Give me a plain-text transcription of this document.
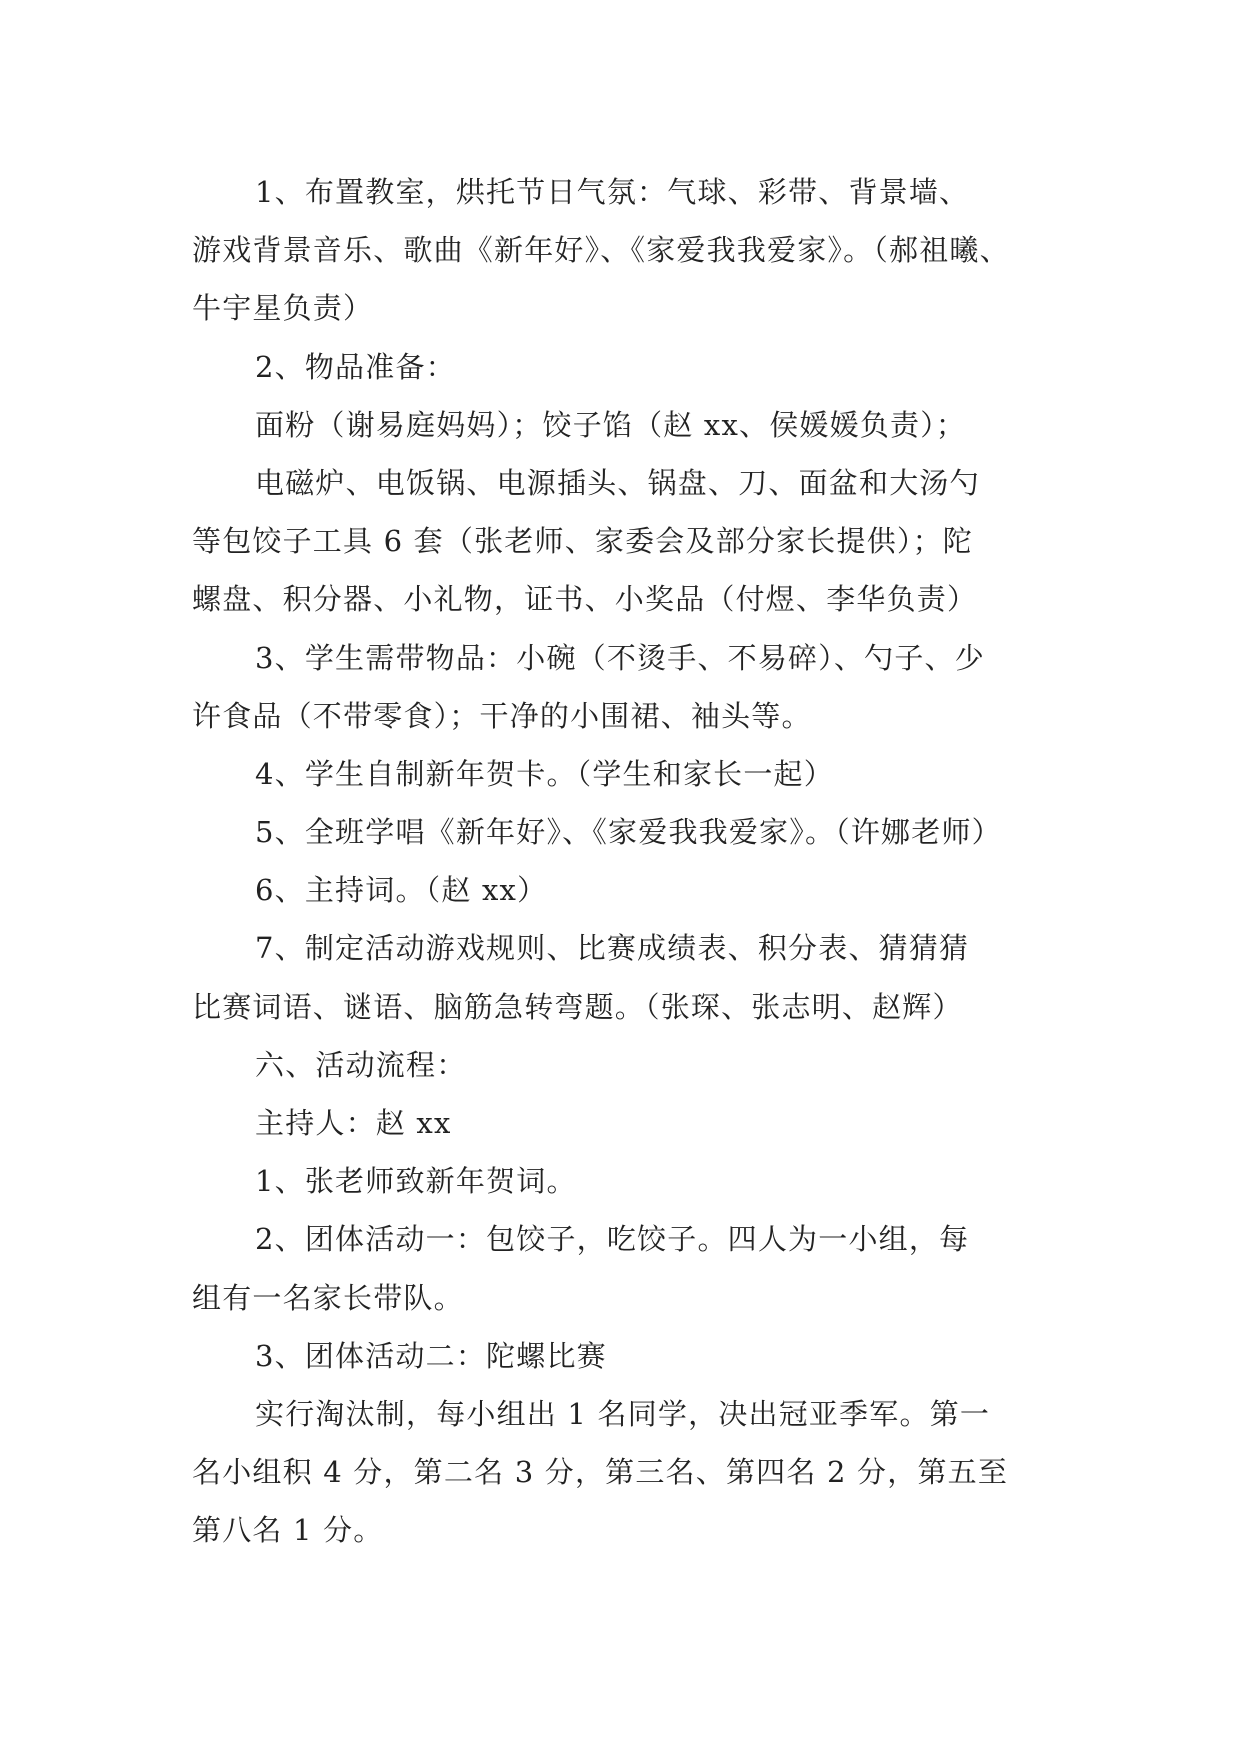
1、布置教室，烘托节日气氛：气球、彩带、背景墙、
游戏背景音乐、歌曲《新年好》、《家爱我我爱家》。（郝祖曦、
牛宇星负责）
2、物品准备：
面粉（谢易庭妈妈）；饺子馅（赵 xx、侯媛媛负责）；
电磁炉、电饭锅、电源插头、锅盘、刀、面盆和大汤勺
等包饺子工具 6 套（张老师、家委会及部分家长提供）；陀
螺盘、积分器、小礼物，证书、小奖品（付煜、李华负责）
3、学生需带物品：小碗（不烫手、不易碎）、勺子、少
许食品（不带零食）；干净的小围裙、袖头等。
4、学生自制新年贺卡。（学生和家长一起）
5、全班学唱《新年好》、《家爱我我爱家》。（许娜老师）
6、主持词。（赵 xx）
7、制定活动游戏规则、比赛成绩表、积分表、猜猜猜
比赛词语、谜语、脑筋急转弯题。（张琛、张志明、赵辉）
六、活动流程：
主持人：赵 xx
1、张老师致新年贺词。
2、团体活动一：包饺子，吃饺子。四人为一小组，每
组有一名家长带队。
3、团体活动二：陀螺比赛
实行淘汰制，每小组出 1 名同学，决出冠亚季军。第一
名小组积 4 分，第二名 3 分，第三名、第四名 2 分，第五至
第八名 1 分。
